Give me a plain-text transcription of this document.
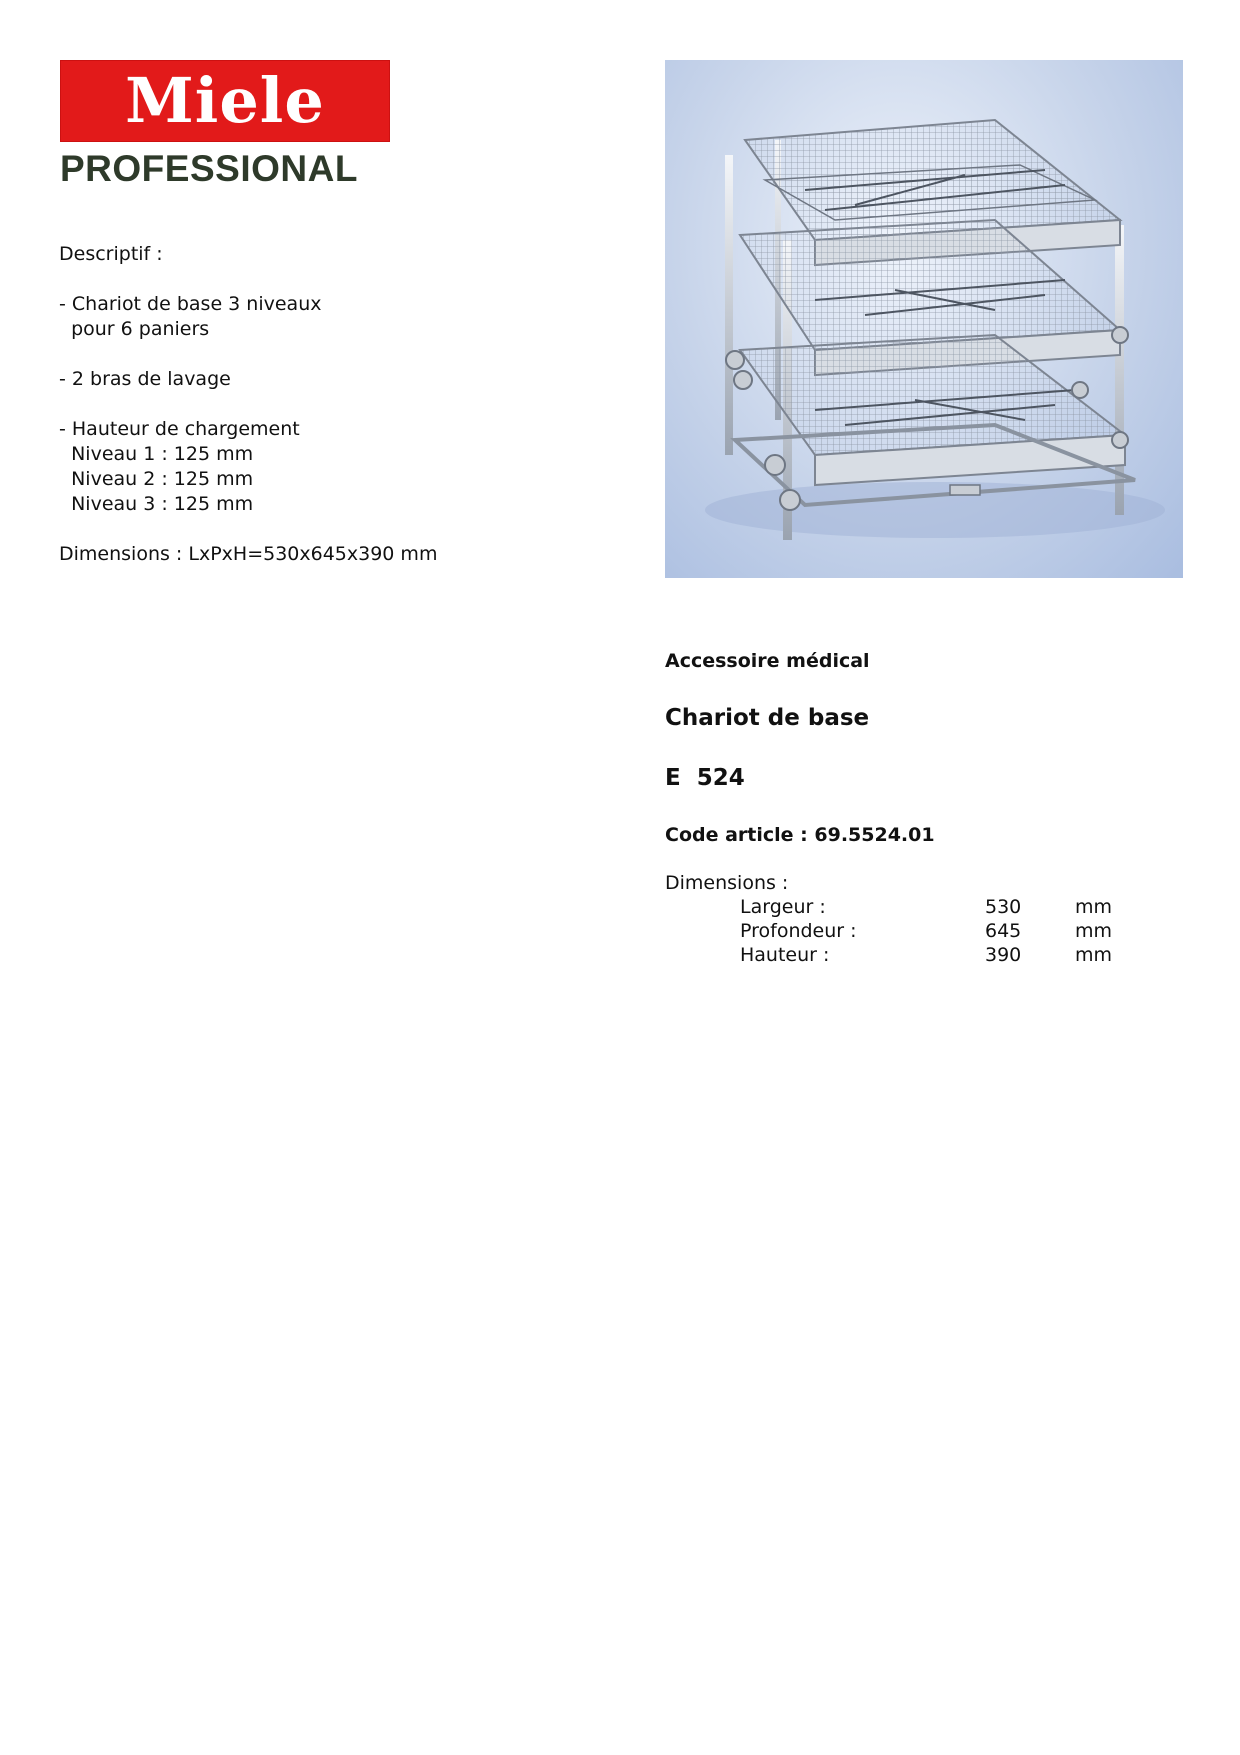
Miele
PROFESSIONAL
Descriptif :
- Chariot de base 3 niveaux
pour 6 paniers
- 2 bras de lavage
- Hauteur de chargement
Niveau 1 : 125 mm
Niveau 2 : 125 mm
Niveau 3 : 125 mm
Dimensions : LxPxH=530x645x390 mm
Accessoire médical
Chariot de base
E  524
Code article : 69.5524.01
Dimensions :
Largeur :	530	mm
Profondeur :	645	mm
Hauteur :	390	mm
